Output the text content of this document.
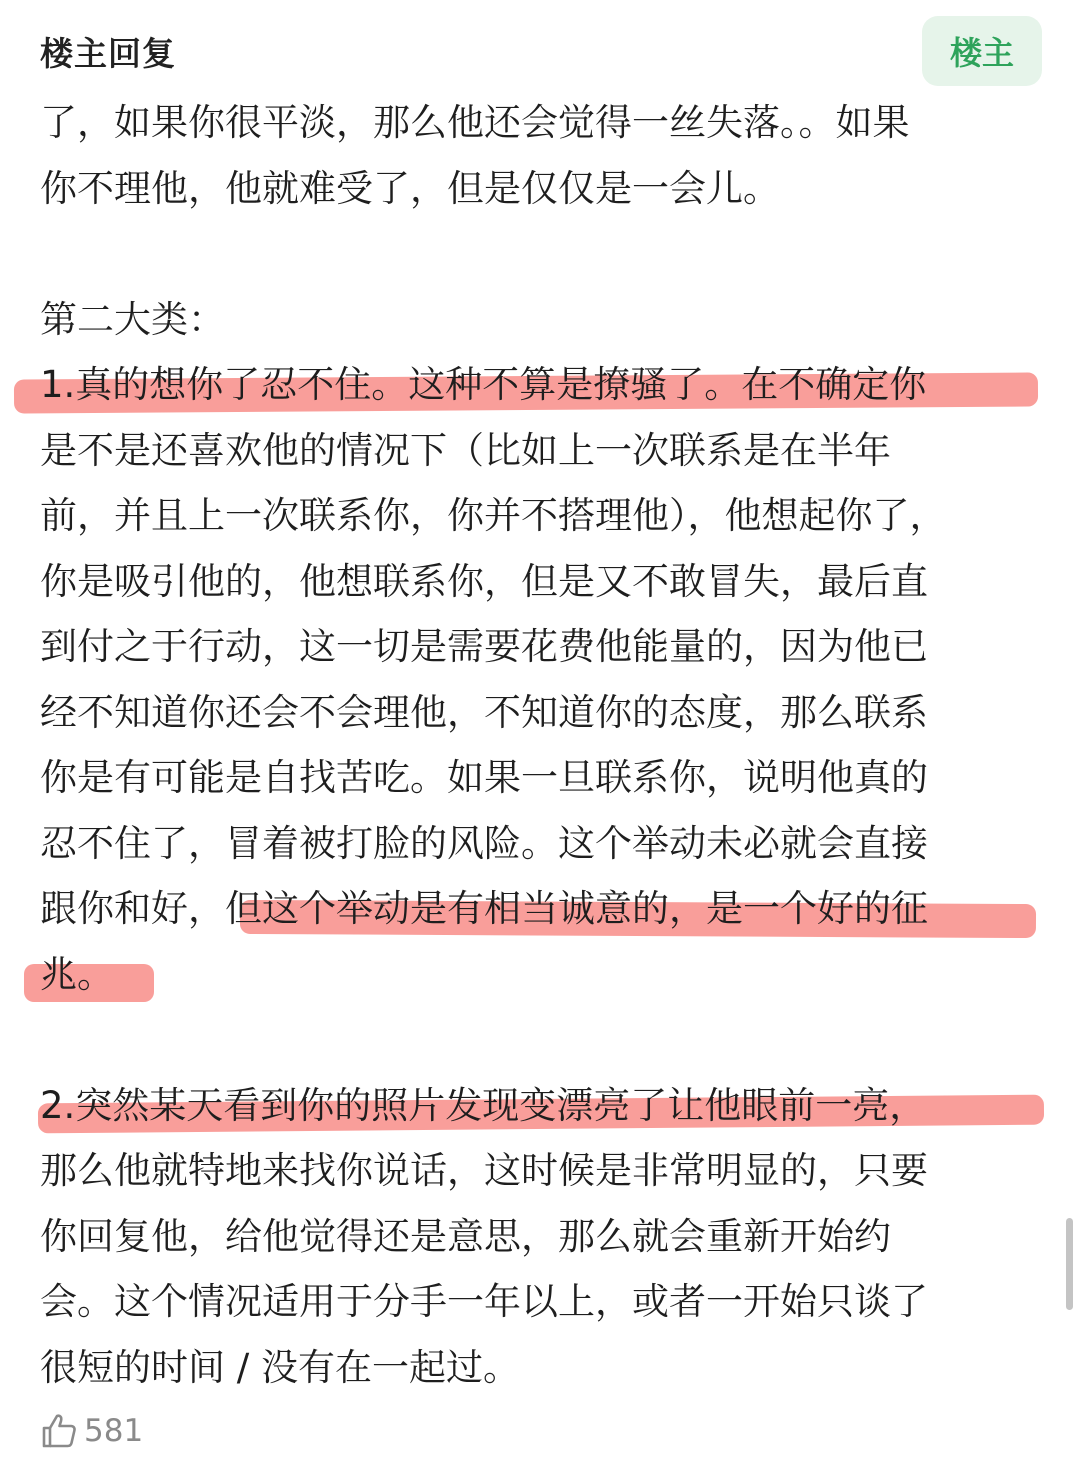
楼主回复	楼主
了，如果你很平淡，那么他还会觉得一丝失落。。如果
你不理他，他就难受了，但是仅仅是一会儿。
第二大类：
1.真的想你了忍不住。这种不算是撩骚了。在不确定你
是不是还喜欢他的情况下（比如上一次联系是在半年
前，并且上一次联系你，你并不搭理他），他想起你了，
你是吸引他的，他想联系你，但是又不敢冒失，最后直
到付之于行动，这一切是需要花费他能量的，因为他已
经不知道你还会不会理他，不知道你的态度，那么联系
你是有可能是自找苦吃。如果一旦联系你，说明他真的
忍不住了，冒着被打脸的风险。这个举动未必就会直接
跟你和好，但这个举动是有相当诚意的，是一个好的征
兆。
2.突然某天看到你的照片发现变漂亮了让他眼前一亮，
那么他就特地来找你说话，这时候是非常明显的，只要
你回复他，给他觉得还是意思，那么就会重新开始约
会。这个情况适用于分手一年以上，或者一开始只谈了
很短的时间 / 没有在一起过。
581
